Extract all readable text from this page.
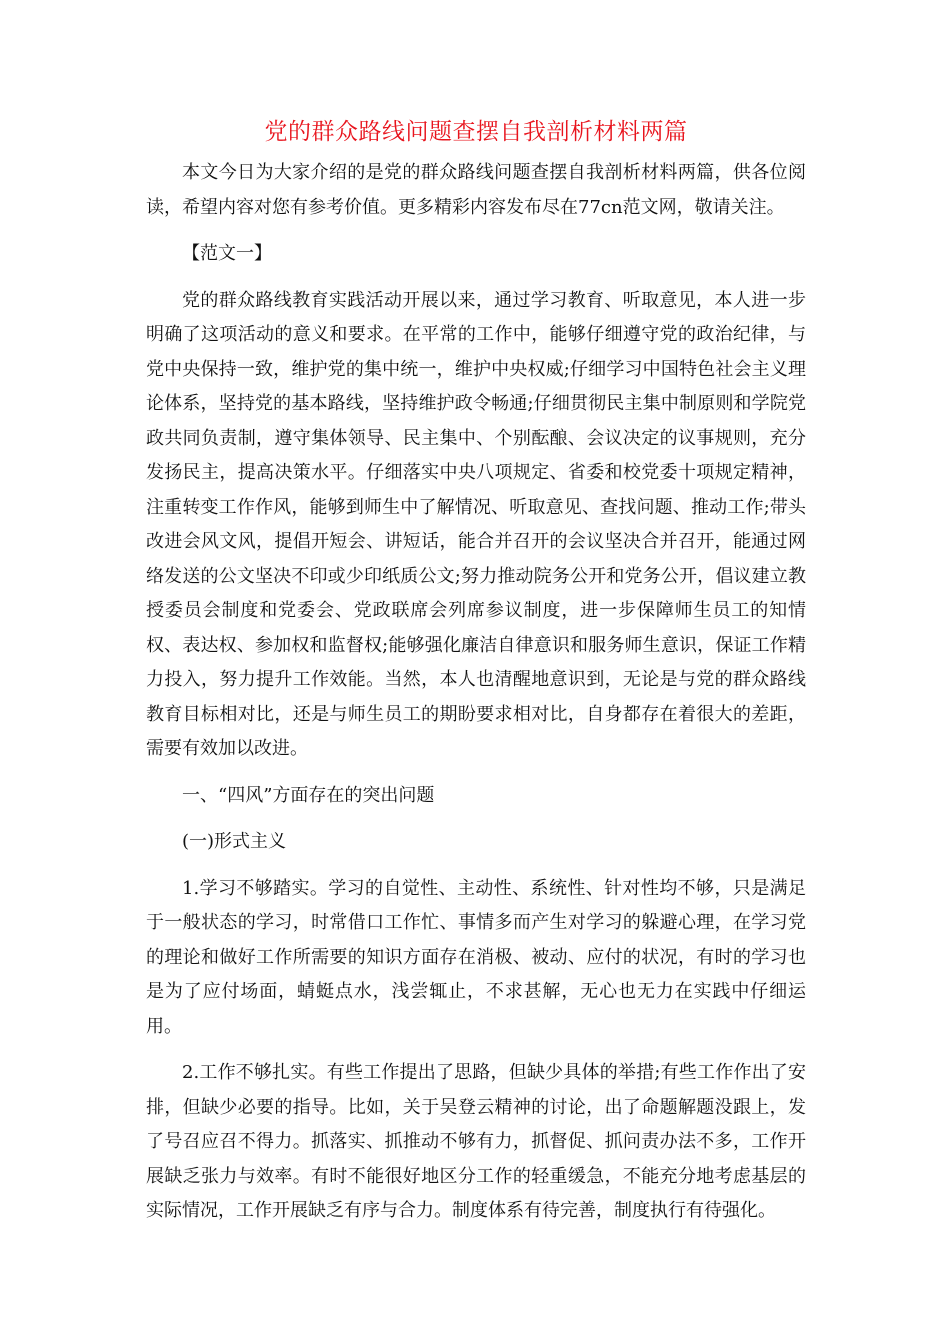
党的群众路线问题查摆自我剖析材料两篇

本文今日为大家介绍的是党的群众路线问题查摆自我剖析材料两篇，供各位阅读，希望内容对您有参考价值。更多精彩内容发布尽在77cn范文网，敬请关注。

【范文一】

党的群众路线教育实践活动开展以来，通过学习教育、听取意见，本人进一步明确了这项活动的意义和要求。在平常的工作中，能够仔细遵守党的政治纪律，与党中央保持一致，维护党的集中统一，维护中央权威;仔细学习中国特色社会主义理论体系，坚持党的基本路线，坚持维护政令畅通;仔细贯彻民主集中制原则和学院党政共同负责制，遵守集体领导、民主集中、个别酝酿、会议决定的议事规则，充分发扬民主，提高决策水平。仔细落实中央八项规定、省委和校党委十项规定精神，注重转变工作作风，能够到师生中了解情况、听取意见、查找问题、推动工作;带头改进会风文风，提倡开短会、讲短话，能合并召开的会议坚决合并召开，能通过网络发送的公文坚决不印或少印纸质公文;努力推动院务公开和党务公开，倡议建立教授委员会制度和党委会、党政联席会列席参议制度，进一步保障师生员工的知情权、表达权、参加权和监督权;能够强化廉洁自律意识和服务师生意识，保证工作精力投入，努力提升工作效能。当然，本人也清醒地意识到，无论是与党的群众路线教育目标相对比，还是与师生员工的期盼要求相对比，自身都存在着很大的差距，需要有效加以改进。

一、“四风”方面存在的突出问题

(一)形式主义

1.学习不够踏实。学习的自觉性、主动性、系统性、针对性均不够，只是满足于一般状态的学习，时常借口工作忙、事情多而产生对学习的躲避心理，在学习党的理论和做好工作所需要的知识方面存在消极、被动、应付的状况，有时的学习也是为了应付场面，蜻蜓点水，浅尝辄止，不求甚解，无心也无力在实践中仔细运用。

2.工作不够扎实。有些工作提出了思路，但缺少具体的举措;有些工作作出了安排，但缺少必要的指导。比如，关于吴登云精神的讨论，出了命题解题没跟上，发了号召应召不得力。抓落实、抓推动不够有力，抓督促、抓问责办法不多，工作开展缺乏张力与效率。有时不能很好地区分工作的轻重缓急，不能充分地考虑基层的实际情况，工作开展缺乏有序与合力。制度体系有待完善，制度执行有待强化。
